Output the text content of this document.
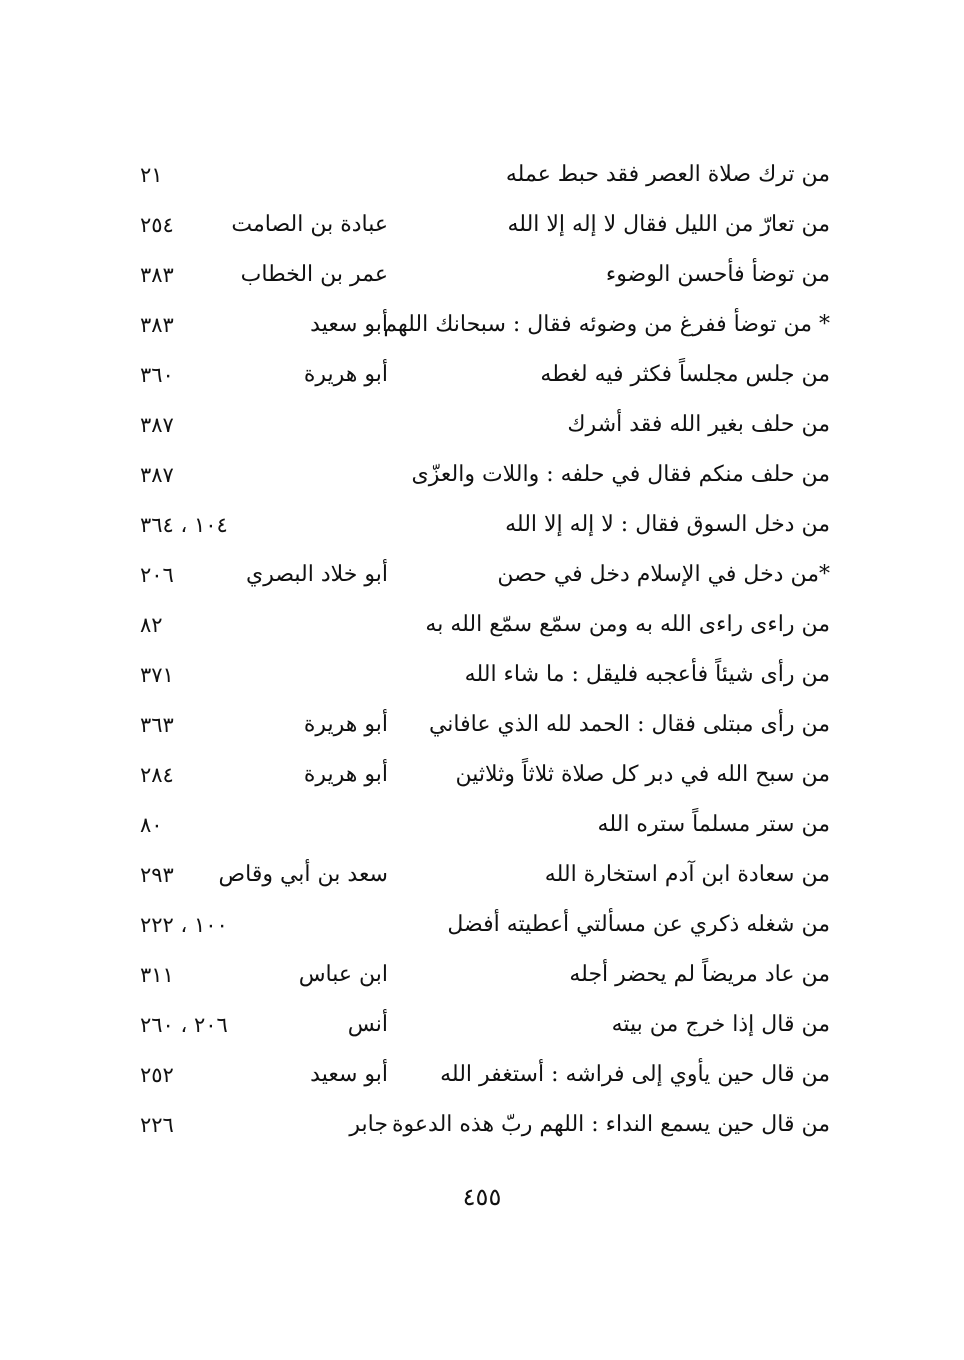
من ترك صلاة العصر فقد حبط عمله
٢١
من تعارّ من الليل فقال لا إله إلا الله
عبادة بن الصامت
٢٥٤
من توضأ فأحسن الوضوء
عمر بن الخطاب
٣٨٣
* من توضأ ففرغ من وضوئه فقال : سبحانك اللهم
أبو سعيد
٣٨٣
من جلس مجلساً فكثر فيه لغطه
أبو هريرة
٣٦٠
من حلف بغير الله فقد أشرك
٣٨٧
من حلف منكم فقال في حلفه : واللات والعزّى
٣٨٧
من دخل السوق فقال : لا إله إلا الله
١٠٤ ، ٣٦٤
*من دخل في الإسلام دخل في حصن
أبو خلاد البصري
٢٠٦
من راءى راءى الله به ومن سمّع سمّع الله به
٨٢
من رأى شيئاً فأعجبه فليقل : ما شاء الله
٣٧١
من رأى مبتلى فقال : الحمد لله الذي عافاني
أبو هريرة
٣٦٣
من سبح الله في دبر كل صلاة ثلاثاً وثلاثين
أبو هريرة
٢٨٤
من ستر مسلماً ستره الله
٨٠
من سعادة ابن آدم استخارة الله
سعد بن أبي وقاص
٢٩٣
من شغله ذكري عن مسألتي أعطيته أفضل
١٠٠ ، ٢٢٢
من عاد مريضاً لم يحضر أجله
ابن عباس
٣١١
من قال إذا خرج من بيته
أنس
٢٠٦ ، ٢٦٠
من قال حين يأوي إلى فراشه : أستغفر الله
أبو سعيد
٢٥٢
من قال حين يسمع النداء : اللهم ربّ هذه الدعوة
جابر
٢٢٦
٤٥٥
